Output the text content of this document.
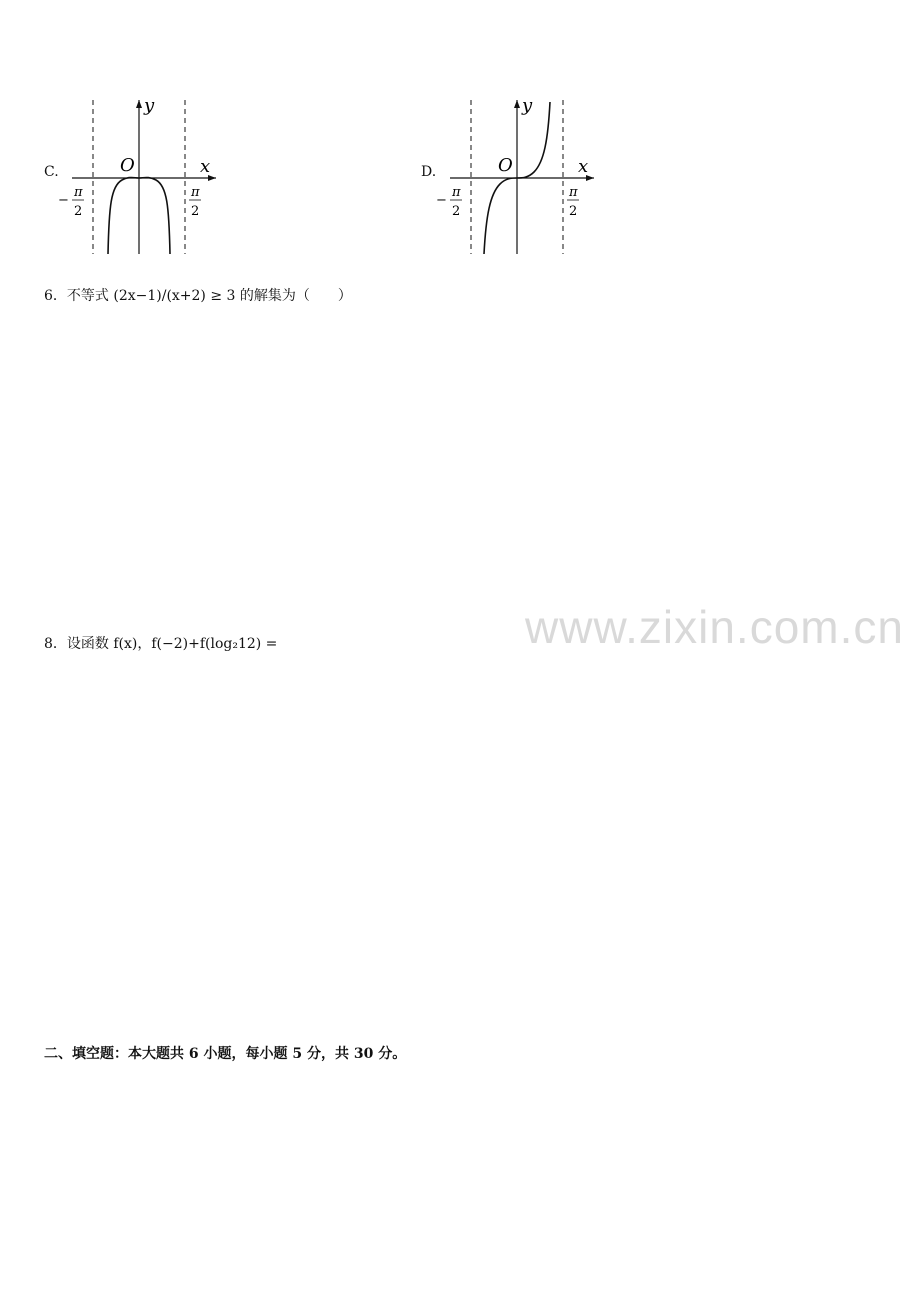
www.zixin.com.cn
C.
y
x
O
−
π
2
π
2
D.
y
x
O
−
π
2
π
2
6．不等式 (2x−1)/(x+2) ≥ 3 的解集为（　　）
8．设函数 f(x)，f(−2)+f(log₂12) =
二、填空题：本大题共 6 小题，每小题 5 分，共 30 分。
